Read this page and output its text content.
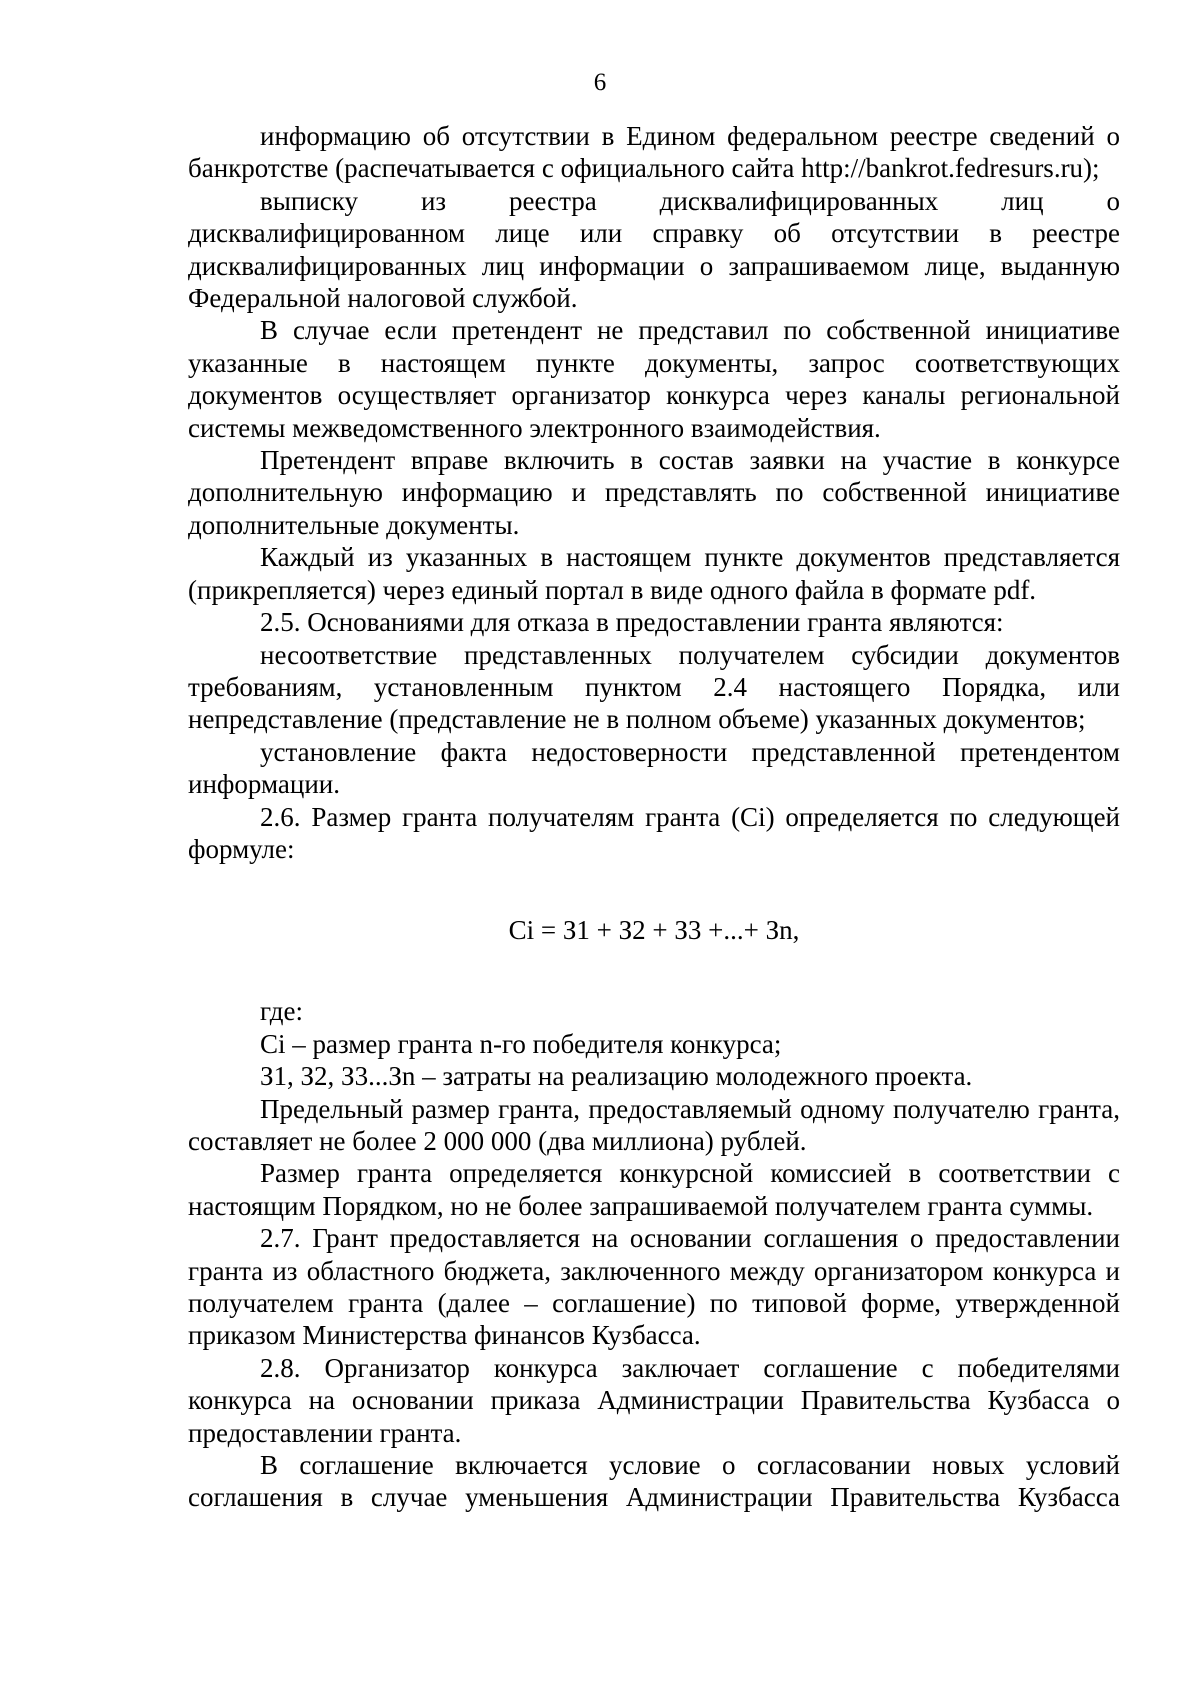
6

информацию об отсутствии в Едином федеральном реестре сведений о банкротстве (распечатывается с официального сайта http://bankrot.fedresurs.ru);

выписку из реестра дисквалифицированных лиц о дисквалифицированном лице или справку об отсутствии в реестре дисквалифицированных лиц информации о запрашиваемом лице, выданную Федеральной налоговой службой.

В случае если претендент не представил по собственной инициативе указанные в настоящем пункте документы, запрос соответствующих документов осуществляет организатор конкурса через каналы региональной системы межведомственного электронного взаимодействия.

Претендент вправе включить в состав заявки на участие в конкурсе дополнительную информацию и представлять по собственной инициативе дополнительные документы.

Каждый из указанных в настоящем пункте документов представляется (прикрепляется) через единый портал в виде одного файла в формате pdf.

2.5. Основаниями для отказа в предоставлении гранта являются:

несоответствие представленных получателем субсидии документов требованиям, установленным пунктом 2.4 настоящего Порядка, или непредставление (представление не в полном объеме) указанных документов;

установление факта недостоверности представленной претендентом информации.

2.6. Размер гранта получателям гранта (Ci) определяется по следующей формуле:

Ci = З1 + З2 + З3 +...+ Зn,

где:

Ci – размер гранта n-го победителя конкурса;

З1, З2, З3...Зn – затраты на реализацию молодежного проекта.

Предельный размер гранта, предоставляемый одному получателю гранта, составляет не более 2 000 000 (два миллиона) рублей.

Размер гранта определяется конкурсной комиссией в соответствии с настоящим Порядком, но не более запрашиваемой получателем гранта суммы.

2.7. Грант предоставляется на основании соглашения о предоставлении гранта из областного бюджета, заключенного между организатором конкурса и получателем гранта (далее – соглашение) по типовой форме, утвержденной приказом Министерства финансов Кузбасса.

2.8. Организатор конкурса заключает соглашение с победителями конкурса на основании приказа Администрации Правительства Кузбасса о предоставлении гранта.

В соглашение включается условие о согласовании новых условий соглашения в случае уменьшения Администрации Правительства Кузбасса
